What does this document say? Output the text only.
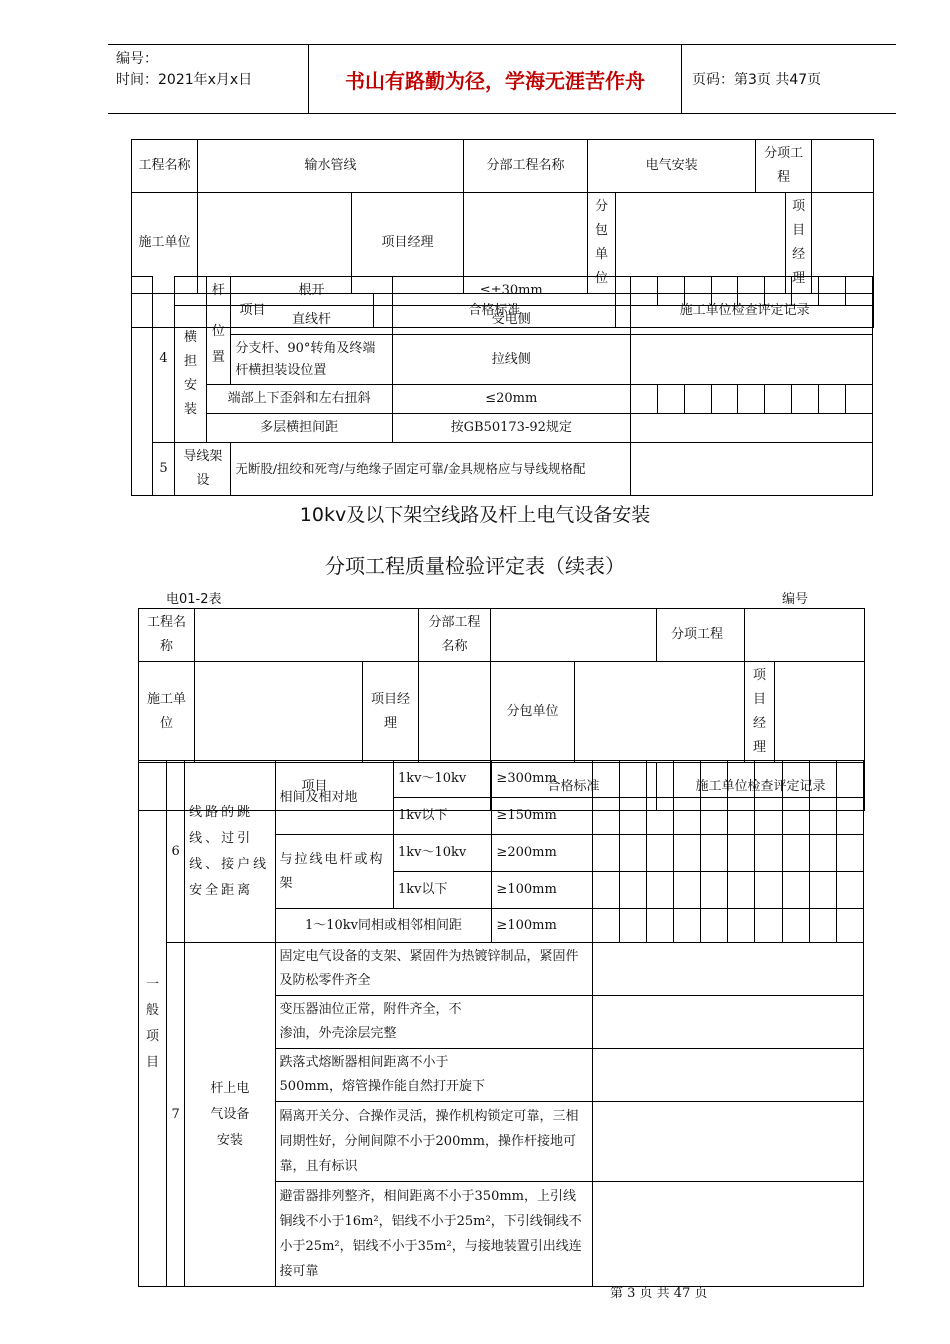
编号：
时间：2021年x月x日	书山有路勤为径，学海无涯苦作舟	页码：第3页 共47页
工程名称	输水管线			分部工程名称	电气安装		分项工程		
施工单位		项目经理			分包单位			项目经理	
项目			合格标准			施工单位检查评定记录			
	4		杆	根开	≤±30mm									
		横担安装	位置	直线杆	受电侧									
				分支杆、90°转角及终端杆横担装设位置	拉线侧									
			端部上下歪斜和左右扭斜		≤20mm									
			多层横担间距		按GB50173-92规定									
	5	导线架设		无断股/扭绞和死弯/与绝缘子固定可靠/金具规格应与导线规格配										
10kv及以下架空线路及杆上电气设备安装
分项工程质量检验评定表（续表）
电01-2表	编号
工程名称			分部工程名称			分项工程		
施工单位		项目经理		分包单位			项目经理	
项目				合格标准		施工单位检查评定记录		
一般项目	6	线路的跳线、过引线、接户线安全距离	相间及相对地	1kv～10kv	≥300mm										
				1kv以下	≥150mm										
			与拉线电杆或构架	1kv～10kv	≥200mm										
				1kv以下	≥100mm										
			1～10kv同相或相邻相间距		≥100mm										
	7	杆上电气设备安装	固定电气设备的支架、紧固件为热镀锌制品，紧固件及防松零件齐全												
			变压器油位正常，附件齐全，不渗油，外壳涂层完整												
			跌落式熔断器相间距离不小于500mm，熔管操作能自然打开旋下												
			隔离开关分、合操作灵活，操作机构锁定可靠，三相同期性好，分闸间隙不小于200mm，操作杆接地可靠，且有标识												
			避雷器排列整齐，相间距离不小于350mm，上引线铜线不小于16m²，铝线不小于25m²，下引线铜线不小于25m²，铝线不小于35m²，与接地装置引出线连接可靠												
第 3 页 共 47 页
